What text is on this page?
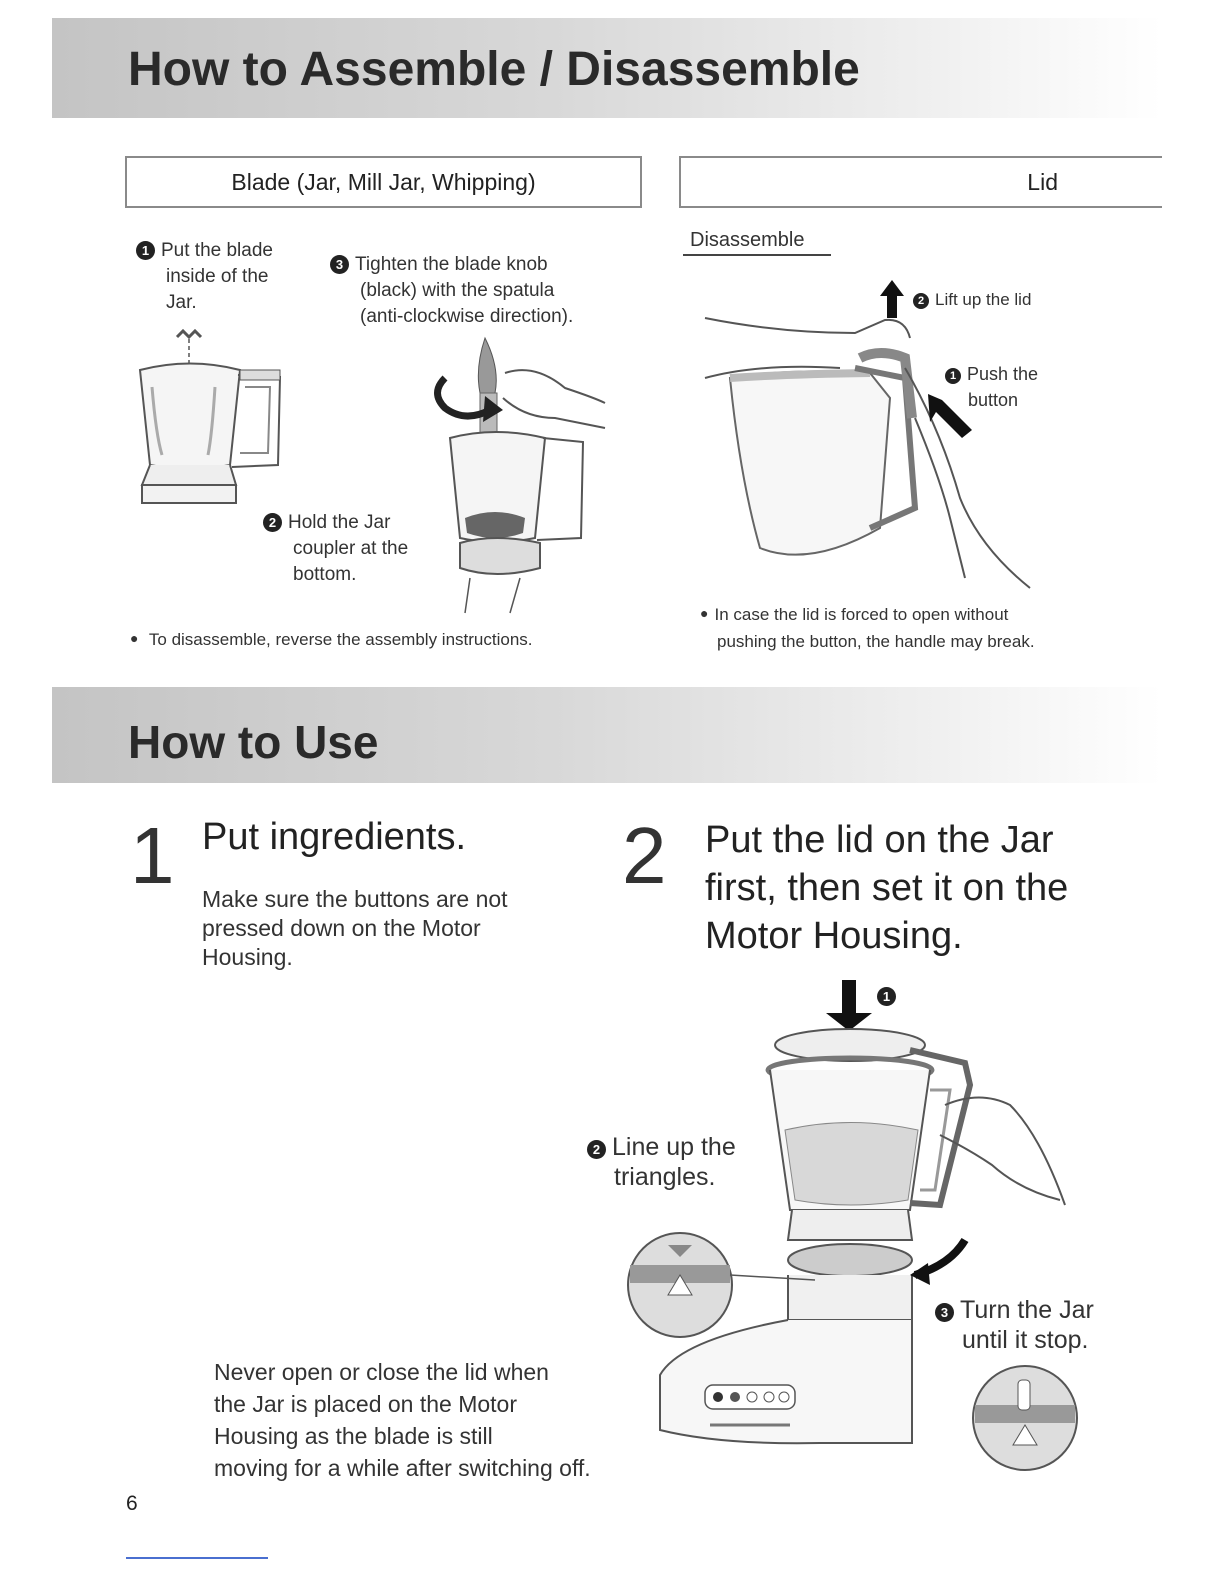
How to Assemble / Disassemble
Blade (Jar, Mill Jar, Whipping)	Lid
1 Put the blade
inside of the
Jar.
3 Tighten the blade knob
(black) with the spatula
(anti-clockwise direction).
2 Hold the Jar
coupler at the
bottom.
● To disassemble, reverse the assembly instructions.
Disassemble
2 Lift up the lid
1 Push the
button
● In case the lid is forced to open without
pushing the button, the handle may break.
How to Use
1 Put ingredients.
Make sure the buttons are not
pressed down on the Motor
Housing.
2 Put the lid on the Jar
first, then set it on the
Motor Housing.
1
2 Line up the
triangles.
3 Turn the Jar
until it stop.
Never open or close the lid when
the Jar is placed on the Motor
Housing as the blade is still
moving for a while after switching off.
6
